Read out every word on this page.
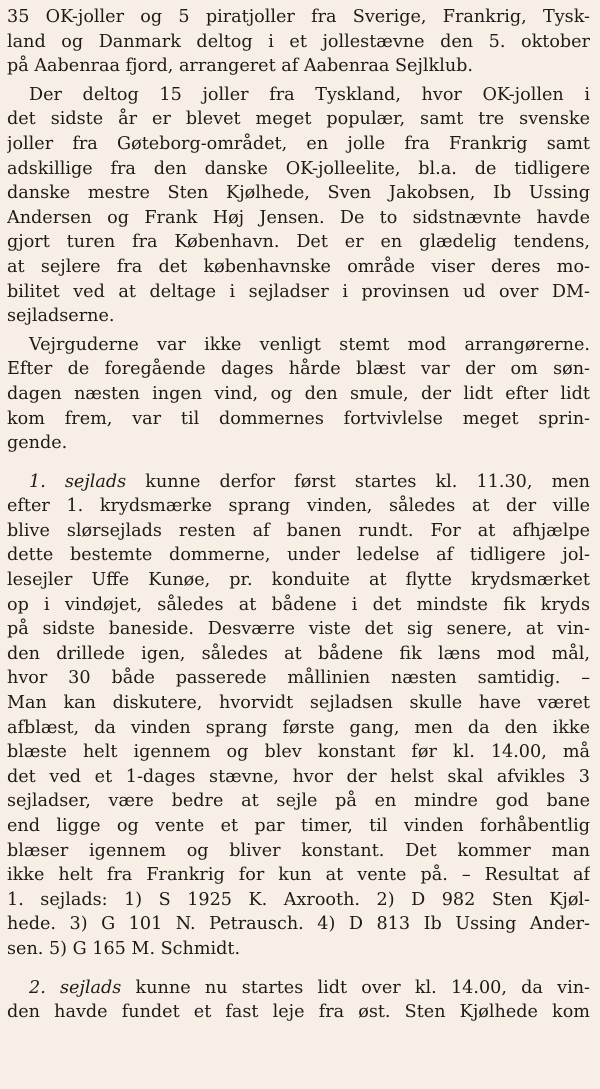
35 OK-joller og 5 piratjoller fra Sverige, Frankrig, Tysk-
land og Danmark deltog i et jollestævne den 5. oktober
på Aabenraa fjord, arrangeret af Aabenraa Sejlklub.
Der deltog 15 joller fra Tyskland, hvor OK-jollen i
det sidste år er blevet meget populær, samt tre svenske
joller fra Gøteborg-området, en jolle fra Frankrig samt
adskillige fra den danske OK-jolleelite, bl.a. de tidligere
danske mestre Sten Kjølhede, Sven Jakobsen, Ib Ussing
Andersen og Frank Høj Jensen. De to sidstnævnte havde
gjort turen fra København. Det er en glædelig tendens,
at sejlere fra det københavnske område viser deres mo-
bilitet ved at deltage i sejladser i provinsen ud over DM-
sejladserne.
Vejrguderne var ikke venligt stemt mod arrangørerne.
Efter de foregående dages hårde blæst var der om søn-
dagen næsten ingen vind, og den smule, der lidt efter lidt
kom frem, var til dommernes fortvivlelse meget sprin-
gende.
1. sejlads kunne derfor først startes kl. 11.30, men
efter 1. krydsmærke sprang vinden, således at der ville
blive slørsejlads resten af banen rundt. For at afhjælpe
dette bestemte dommerne, under ledelse af tidligere jol-
lesejler Uffe Kunøe, pr. konduite at flytte krydsmærket
op i vindøjet, således at bådene i det mindste fik kryds
på sidste baneside. Desværre viste det sig senere, at vin-
den drillede igen, således at bådene fik læns mod mål,
hvor 30 både passerede mållinien næsten samtidig. –
Man kan diskutere, hvorvidt sejladsen skulle have været
afblæst, da vinden sprang første gang, men da den ikke
blæste helt igennem og blev konstant før kl. 14.00, må
det ved et 1-dages stævne, hvor der helst skal afvikles 3
sejladser, være bedre at sejle på en mindre god bane
end ligge og vente et par timer, til vinden forhåbentlig
blæser igennem og bliver konstant. Det kommer man
ikke helt fra Frankrig for kun at vente på. – Resultat af
1. sejlads: 1) S 1925 K. Axrooth. 2) D 982 Sten Kjøl-
hede. 3) G 101 N. Petrausch. 4) D 813 Ib Ussing Ander-
sen. 5) G 165 M. Schmidt.
2. sejlads kunne nu startes lidt over kl. 14.00, da vin-
den havde fundet et fast leje fra øst. Sten Kjølhede kom
